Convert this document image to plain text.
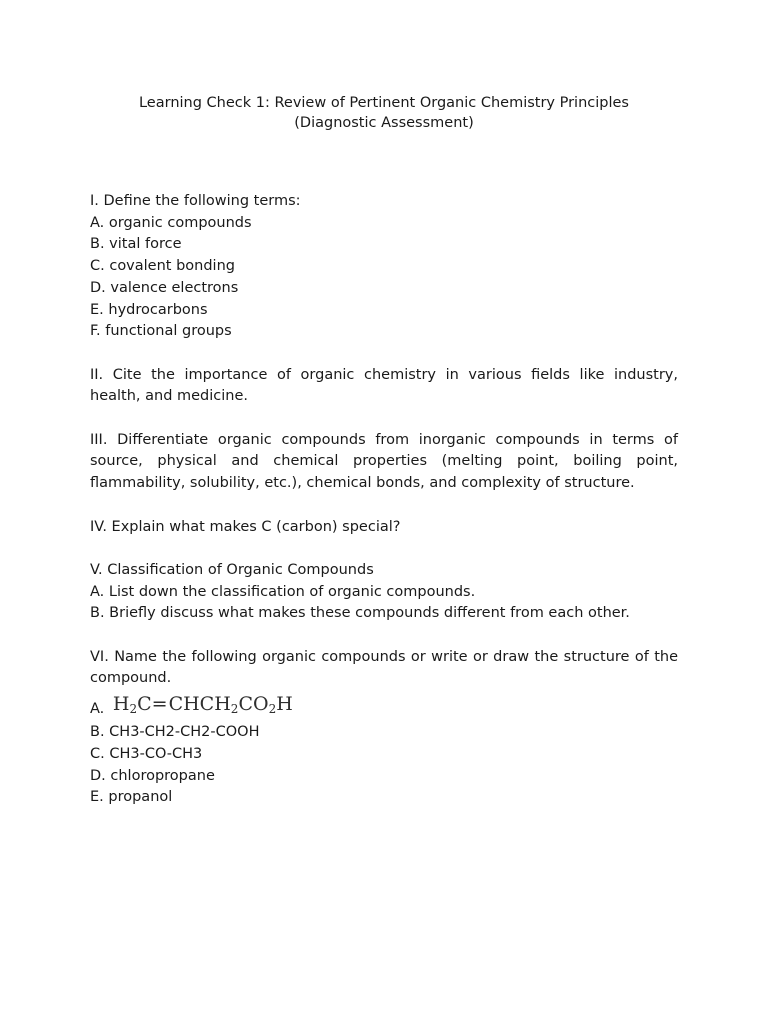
Learning Check 1: Review of Pertinent Organic Chemistry Principles
(Diagnostic Assessment)
I. Define the following terms:
A. organic compounds
B. vital force
C. covalent bonding
D. valence electrons
E. hydrocarbons
F. functional groups
II. Cite the importance of organic chemistry in various fields like industry, health, and medicine.
III. Differentiate organic compounds from inorganic compounds in terms of source, physical and chemical properties (melting point, boiling point, flammability, solubility, etc.), chemical bonds, and complexity of structure.
IV. Explain what makes C (carbon) special?
V. Classification of Organic Compounds
A. List down the classification of organic compounds.
B. Briefly discuss what makes these compounds different from each other.
VI. Name the following organic compounds or write or draw the structure of the compound.
A. $H_2C=CHCH_2CO_2H$
B. CH3-CH2-CH2-COOH
C. CH3-CO-CH3
D. chloropropane
E. propanol
